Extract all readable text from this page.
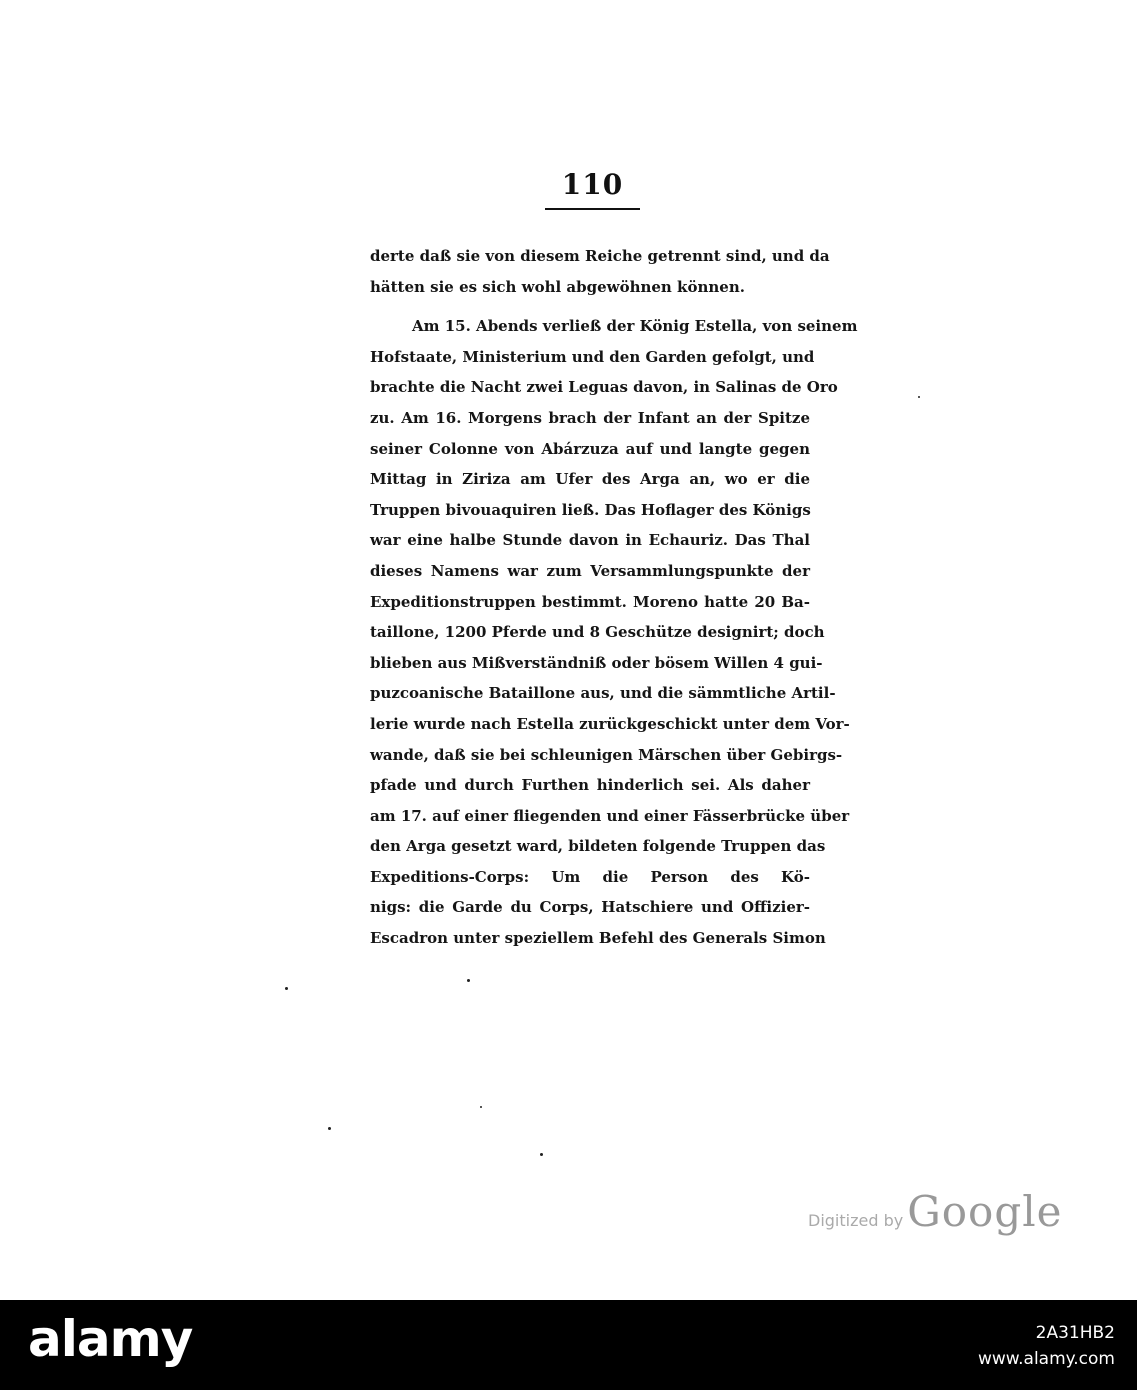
110
derte daß sie von diesem Reiche getrennt sind, und da
hätten sie es sich wohl abgewöhnen können.
Am 15. Abends verließ der König Estella, von seinem
Hofstaate, Ministerium und den Garden gefolgt, und
brachte die Nacht zwei Leguas davon, in Salinas de Oro
zu. Am 16. Morgens brach der Infant an der Spitze
seiner Colonne von Abárzuza auf und langte gegen
Mittag in Ziriza am Ufer des Arga an, wo er die
Truppen bivouaquiren ließ. Das Hoflager des Königs
war eine halbe Stunde davon in Echauriz. Das Thal
dieses Namens war zum Versammlungspunkte der
Expeditionstruppen bestimmt. Moreno hatte 20 Ba-
taillone, 1200 Pferde und 8 Geschütze designirt; doch
blieben aus Mißverständniß oder bösem Willen 4 gui-
puzcoanische Bataillone aus, und die sämmtliche Artil-
lerie wurde nach Estella zurückgeschickt unter dem Vor-
wande, daß sie bei schleunigen Märschen über Gebirgs-
pfade und durch Furthen hinderlich sei. Als daher
am 17. auf einer fliegenden und einer Fässerbrücke über
den Arga gesetzt ward, bildeten folgende Truppen das
Expeditions-Corps: Um die Person des Kö-
nigs: die Garde du Corps, Hatschiere und Offizier-
Escadron unter speziellem Befehl des Generals Simon
Digitized by Google
alamy	2A31HB2
www.alamy.com
